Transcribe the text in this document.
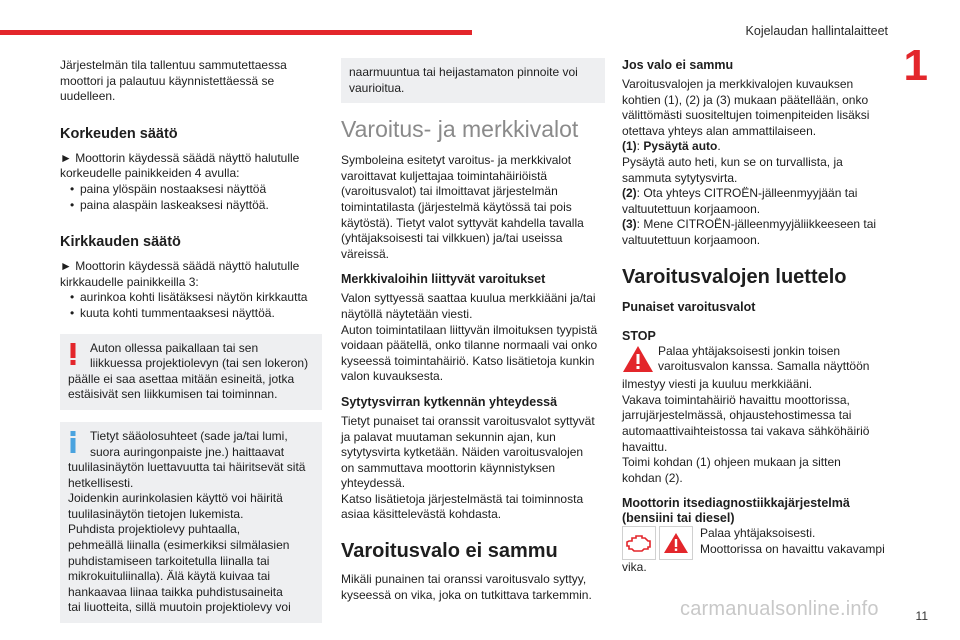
Kojelaudan hallintalaitteet
1

Järjestelmän tila tallentuu sammutettaessa

moottori ja palautuu käynnistettäessä se

uudelleen.

Korkeuden säätö

► Moottorin käydessä säädä näyttö halutulle

korkeudelle painikkeiden 4 avulla:

• paina ylöspäin nostaaksesi näyttöä

• paina alaspäin laskeaksesi näyttöä.

Kirkkauden säätö

► Moottorin käydessä säädä näyttö halutulle

kirkkaudelle painikkeilla 3:

• aurinkoa kohti lisätäksesi näytön kirkkautta

• kuuta kohti tummentaaksesi näyttöä.

Auton ollessa paikallaan tai sen

liikkuessa projektiolevyn (tai sen lokeron)

päälle ei saa asettaa mitään esineitä, jotka

estäisivät sen liikkumisen tai toiminnan.

Tietyt sääolosuhteet (sade ja/tai lumi,

suora auringonpaiste jne.) haittaavat

tuulilasinäytön luettavuutta tai häiritsevät sitä

hetkellisesti.

Joidenkin aurinkolasien käyttö voi häiritä

tuulilasinäytön tietojen lukemista.

Puhdista projektiolevy puhtaalla,

pehmeällä liinalla (esimerkiksi silmälasien

puhdistamiseen tarkoitetulla liinalla tai

mikrokuituliinalla). Älä käytä kuivaa tai

hankaavaa liinaa taikka puhdistusaineita

tai liuotteita, sillä muutoin projektiolevy voi

naarmuuntua tai heijastamaton pinnoite voi

vaurioitua.

Varoitus- ja merkkivalot

Symboleina esitetyt varoitus- ja merkkivalot

varoittavat kuljettajaa toimintahäiriöistä

(varoitusvalot) tai ilmoittavat järjestelmän

toimintatilasta (järjestelmä käytössä tai pois

käytöstä). Tietyt valot syttyvät kahdella tavalla

(yhtäjaksoisesti tai vilkkuen) ja/tai useissa

väreissä.

Merkkivaloihin liittyvät varoitukset

Valon syttyessä saattaa kuulua merkkiääni ja/tai

näytöllä näytetään viesti.

Auton toimintatilaan liittyvän ilmoituksen tyypistä

voidaan päätellä, onko tilanne normaali vai onko

kyseessä toimintahäiriö. Katso lisätietoja kunkin

valon kuvauksesta.

Sytytysvirran kytkennän yhteydessä

Tietyt punaiset tai oranssit varoitusvalot syttyvät

ja palavat muutaman sekunnin ajan, kun

sytytysvirta kytketään. Näiden varoitusvalojen

on sammuttava moottorin käynnistyksen

yhteydessä.

Katso lisätietoja järjestelmästä tai toiminnosta

asiaa käsittelevästä kohdasta.

Varoitusvalo ei sammu

Mikäli punainen tai oranssi varoitusvalo syttyy,

kyseessä on vika, joka on tutkittava tarkemmin.

Jos valo ei sammu

Varoitusvalojen ja merkkivalojen kuvauksen

kohtien (1), (2) ja (3) mukaan päätellään, onko

välittömästi suositeltujen toimenpiteiden lisäksi

otettava yhteys alan ammattilaiseen.

(1): Pysäytä auto.

Pysäytä auto heti, kun se on turvallista, ja

sammuta sytytysvirta.

(2): Ota yhteys CITROËN-jälleenmyyjään tai

valtuutettuun korjaamoon.

(3): Mene CITROËN-jälleenmyyjäliikkeeseen tai

valtuutettuun korjaamoon.

Varoitusvalojen luettelo
Punaiset varoitusvalot
STOP

Palaa yhtäjaksoisesti jonkin toisen

varoitusvalon kanssa. Samalla näyttöön

ilmestyy viesti ja kuuluu merkkiääni.

Vakava toimintahäiriö havaittu moottorissa,

jarrujärjestelmässä, ohjaustehostimessa tai

automaattivaihteistossa tai vakava sähköhäiriö

havaittu.

Toimi kohdan (1) ohjeen mukaan ja sitten

kohdan (2).

Moottorin itsediagnostiikkajärjestelmä
(bensiini tai diesel)

Palaa yhtäjaksoisesti.

Moottorissa on havaittu vakavampi

vika.

carmanualsonline.info	11
